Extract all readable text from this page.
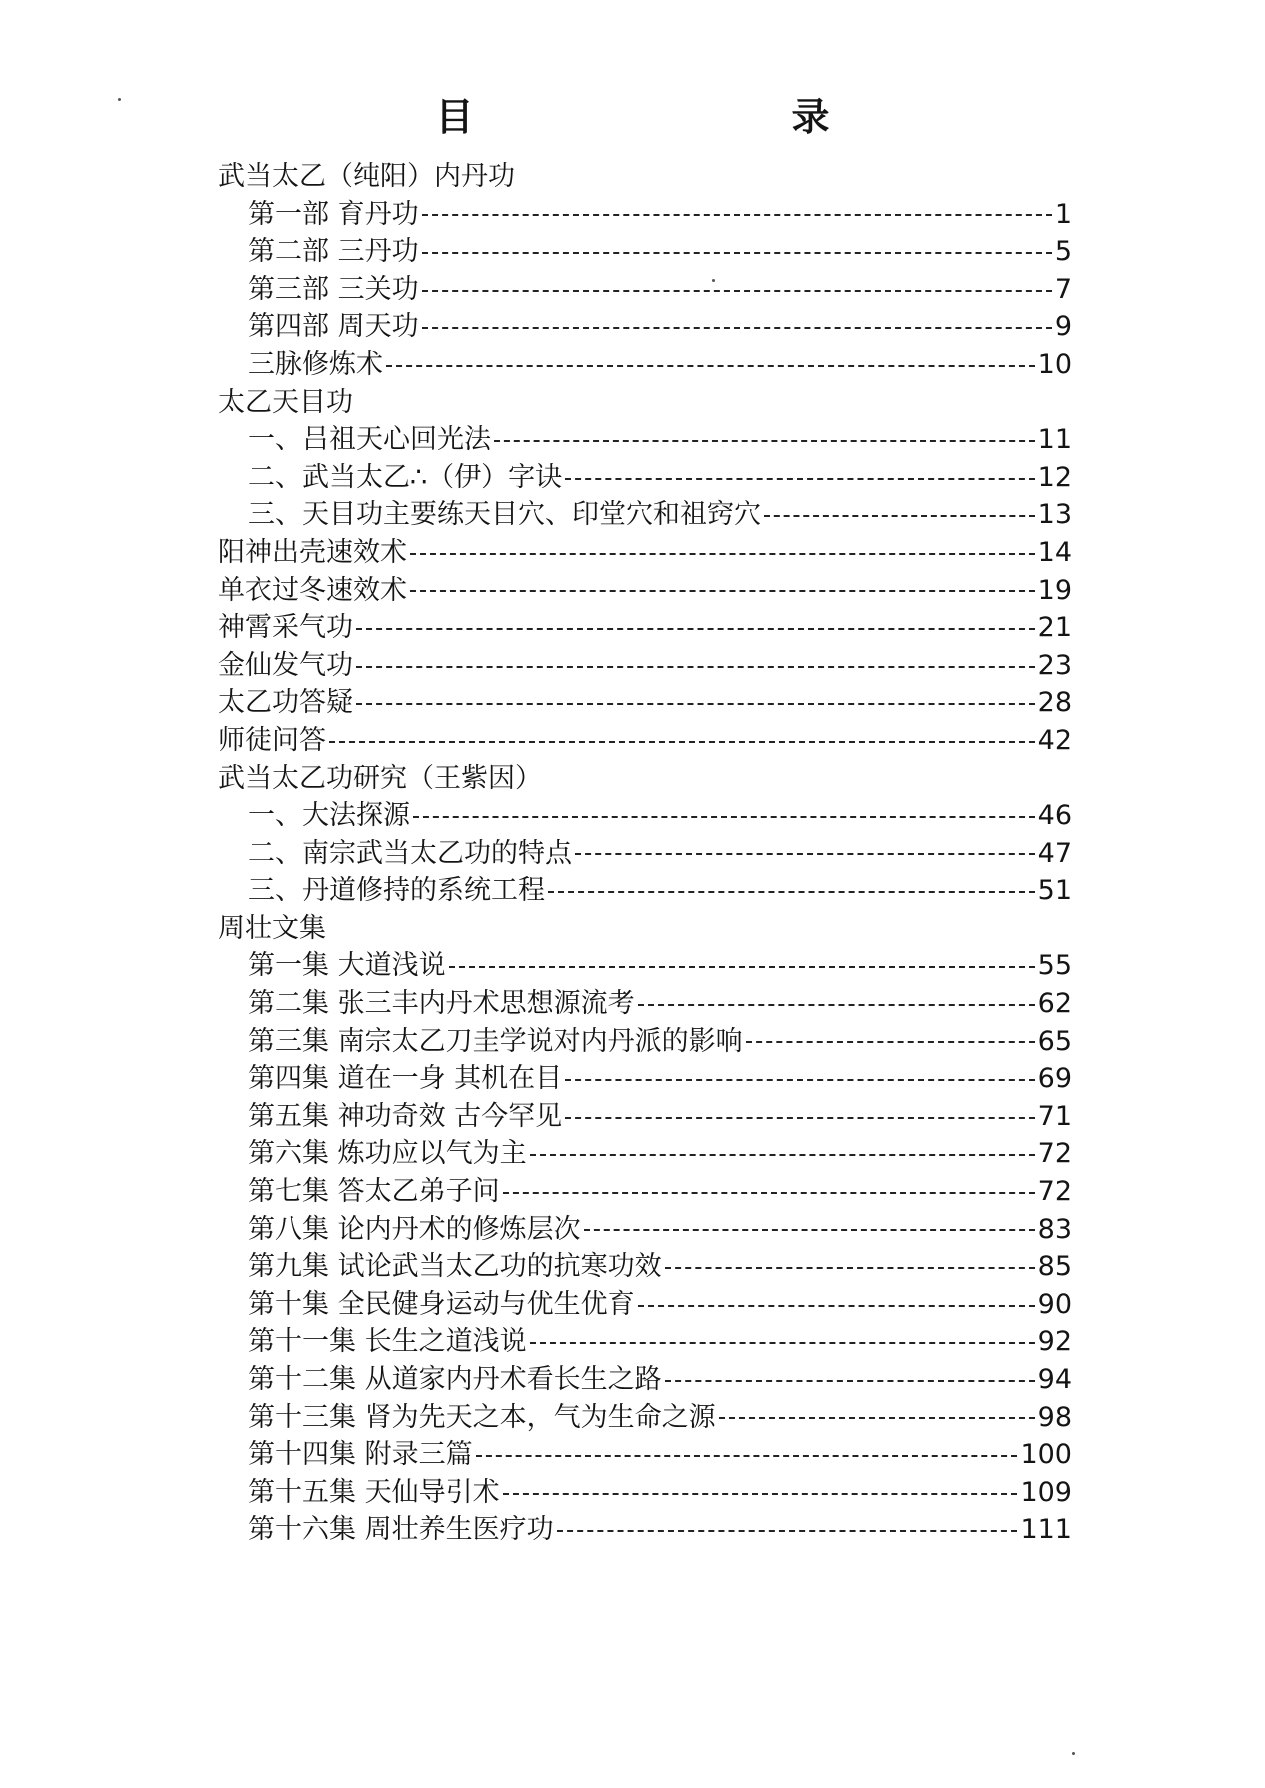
目　录
武当太乙（纯阳）内丹功
第一部 育丹功	1
第二部 三丹功	5
第三部 三关功	7
第四部 周天功	9
三脉修炼术	10
太乙天目功
一、吕祖天心回光法	11
二、武当太乙∴（伊）字诀	12
三、天目功主要练天目穴、印堂穴和祖窍穴	13
阳神出壳速效术	14
单衣过冬速效术	19
神霄采气功	21
金仙发气功	23
太乙功答疑	28
师徒问答	42
武当太乙功研究（王紫因）
一、大法探源	46
二、南宗武当太乙功的特点	47
三、丹道修持的系统工程	51
周壮文集
第一集 大道浅说	55
第二集 张三丰内丹术思想源流考	62
第三集 南宗太乙刀圭学说对内丹派的影响	65
第四集 道在一身 其机在目	69
第五集 神功奇效 古今罕见	71
第六集 炼功应以气为主	72
第七集 答太乙弟子问	72
第八集 论内丹术的修炼层次	83
第九集 试论武当太乙功的抗寒功效	85
第十集 全民健身运动与优生优育	90
第十一集 长生之道浅说	92
第十二集 从道家内丹术看长生之路	94
第十三集 肾为先天之本，气为生命之源	98
第十四集 附录三篇	100
第十五集 天仙导引术	109
第十六集 周壮养生医疗功	111
